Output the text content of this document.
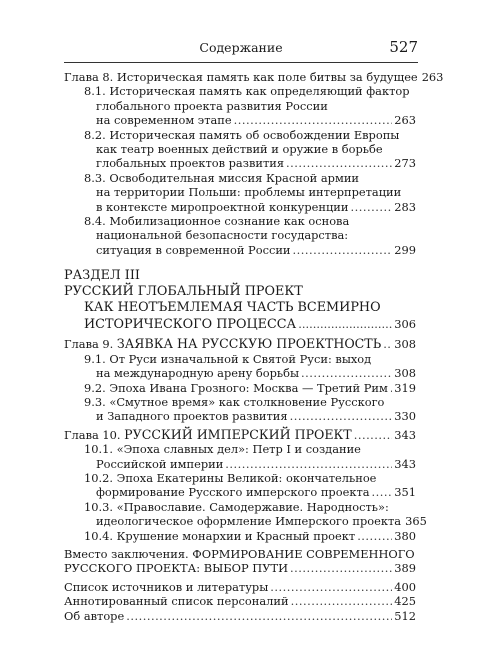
Содержание	527
Глава 8. Историческая память как поле битвы за будущее 263
8.1. Историческая память как определяющий фактор
глобального проекта развития России
на современном этапе .....	263
8.2. Историческая память об освобождении Европы
как театр военных действий и оружие в борьбе
глобальных проектов развития .....	273
8.3. Освободительная миссия Красной армии
на территории Польши: проблемы интерпретации
в контексте миропроектной конкуренции .....	283
8.4. Мобилизационное сознание как основа
национальной безопасности государства:
ситуация в современной России .....	299
РАЗДЕЛ III
РУССКИЙ ГЛОБАЛЬНЫЙ ПРОЕКТ
КАК НЕОТЪЕМЛЕМАЯ ЧАСТЬ ВСЕМИРНО
ИСТОРИЧЕСКОГО ПРОЦЕССА .....	306
Глава 9. ЗАЯВКА НА РУССКУЮ ПРОЕКТНОСТЬ ..... 308
9.1. От Руси изначальной к Святой Руси: выход
на международную арену борьбы .....	308
9.2. Эпоха Ивана Грозного: Москва — Третий Рим ..... 319
9.3. «Смутное время» как столкновение Русского
и Западного проектов развития .....	330
Глава 10. РУССКИЙ ИМПЕРСКИЙ ПРОЕКТ .....	343
10.1. «Эпоха славных дел»: Петр I и создание
Российской империи .....	343
10.2. Эпоха Екатерины Великой: окончательное
формирование Русского имперского проекта ..... 351
10.3. «Православие. Самодержавие. Народность»:
идеологическое оформление Имперского проекта 365
10.4. Крушение монархии и Красный проект .....	380
Вместо заключения. ФОРМИРОВАНИЕ СОВРЕМЕННОГО
РУССКОГО ПРОЕКТА: ВЫБОР ПУТИ .....	389
Список источников и литературы .....	400
Аннотированный список персоналий .....	425
Об авторе .....	512
